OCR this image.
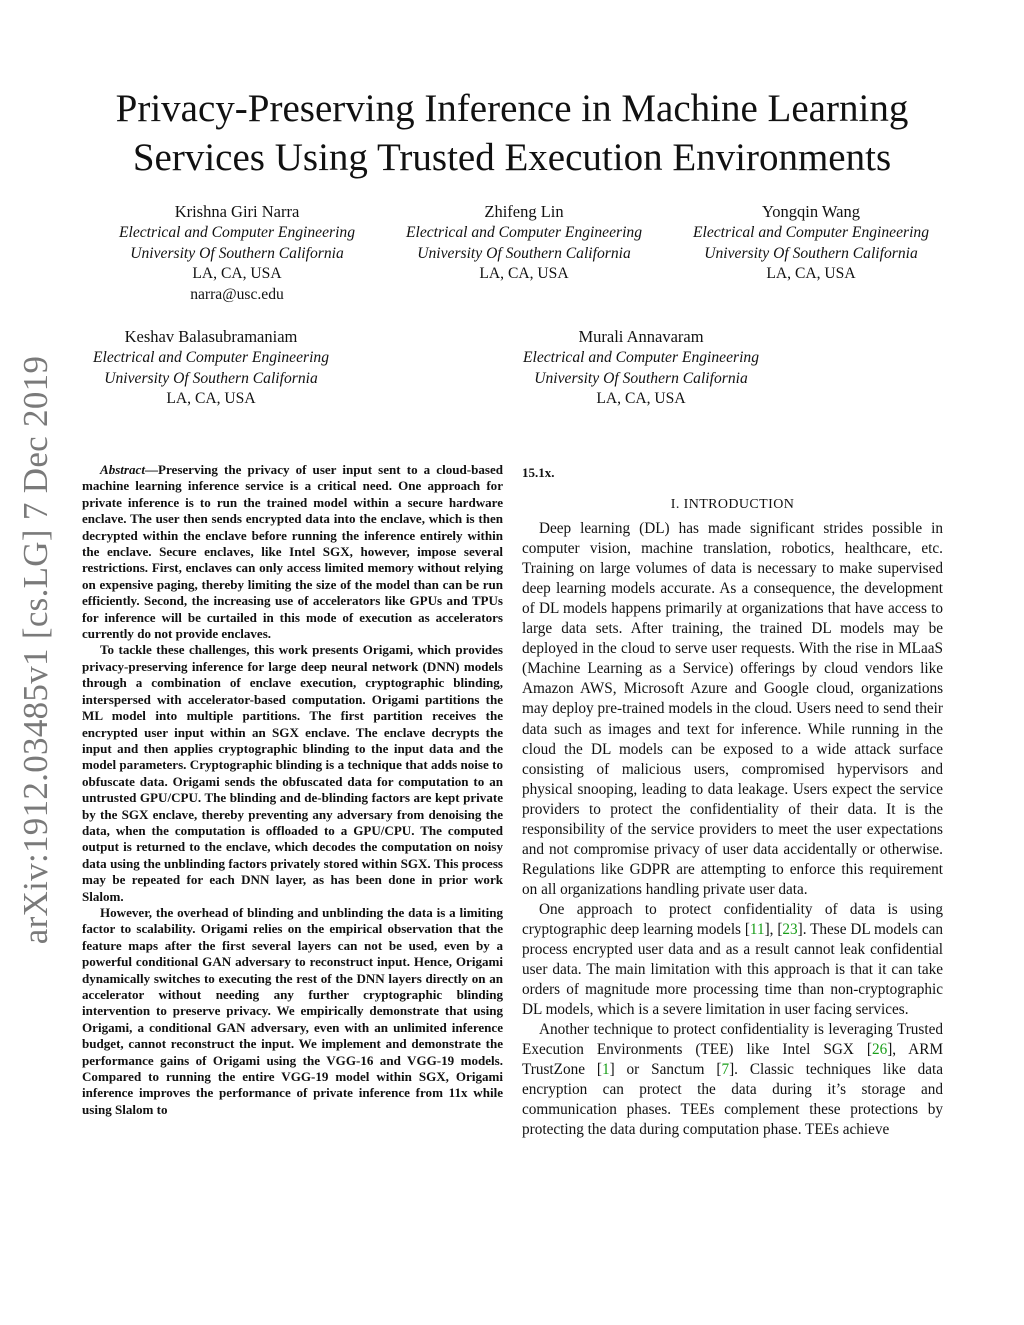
arXiv:1912.03485v1 [cs.LG] 7 Dec 2019
Privacy-Preserving Inference in Machine Learning Services Using Trusted Execution Environments
Krishna Giri Narra
Electrical and Computer Engineering
University Of Southern California
LA, CA, USA
narra@usc.edu
Zhifeng Lin
Electrical and Computer Engineering
University Of Southern California
LA, CA, USA
Yongqin Wang
Electrical and Computer Engineering
University Of Southern California
LA, CA, USA
Keshav Balasubramaniam
Electrical and Computer Engineering
University Of Southern California
LA, CA, USA
Murali Annavaram
Electrical and Computer Engineering
University Of Southern California
LA, CA, USA

Abstract—Preserving the privacy of user input sent to a cloud-based machine learning inference service is a critical need. One approach for private inference is to run the trained model within a secure hardware enclave. The user then sends encrypted data into the enclave, which is then decrypted within the enclave before running the inference entirely within the enclave. Secure enclaves, like Intel SGX, however, impose several restrictions. First, enclaves can only access limited memory without relying on expensive paging, thereby limiting the size of the model than can be run efficiently. Second, the increasing use of accelerators like GPUs and TPUs for inference will be curtailed in this mode of execution as accelerators currently do not provide enclaves.

To tackle these challenges, this work presents Origami, which provides privacy-preserving inference for large deep neural network (DNN) models through a combination of enclave execution, cryptographic blinding, interspersed with accelerator-based computation. Origami partitions the ML model into multiple partitions. The first partition receives the encrypted user input within an SGX enclave. The enclave decrypts the input and then applies cryptographic blinding to the input data and the model parameters. Cryptographic blinding is a technique that adds noise to obfuscate data. Origami sends the obfuscated data for computation to an untrusted GPU/CPU. The blinding and de-blinding factors are kept private by the SGX enclave, thereby preventing any adversary from denoising the data, when the computation is offloaded to a GPU/CPU. The computed output is returned to the enclave, which decodes the computation on noisy data using the unblinding factors privately stored within SGX. This process may be repeated for each DNN layer, as has been done in prior work Slalom.

However, the overhead of blinding and unblinding the data is a limiting factor to scalability. Origami relies on the empirical observation that the feature maps after the first several layers can not be used, even by a powerful conditional GAN adversary to reconstruct input. Hence, Origami dynamically switches to executing the rest of the DNN layers directly on an accelerator without needing any further cryptographic blinding intervention to preserve privacy. We empirically demonstrate that using Origami, a conditional GAN adversary, even with an unlimited inference budget, cannot reconstruct the input. We implement and demonstrate the performance gains of Origami using the VGG-16 and VGG-19 models. Compared to running the entire VGG-19 model within SGX, Origami inference improves the performance of private inference from 11x while using Slalom to

15.1x.

I. INTRODUCTION

Deep learning (DL) has made significant strides possible in computer vision, machine translation, robotics, healthcare, etc. Training on large volumes of data is necessary to make supervised deep learning models accurate. As a consequence, the development of DL models happens primarily at organizations that have access to large data sets. After training, the trained DL models may be deployed in the cloud to serve user requests. With the rise in MLaaS (Machine Learning as a Service) offerings by cloud vendors like Amazon AWS, Microsoft Azure and Google cloud, organizations may deploy pre-trained models in the cloud. Users need to send their data such as images and text for inference. While running in the cloud the DL models can be exposed to a wide attack surface consisting of malicious users, compromised hypervisors and physical snooping, leading to data leakage. Users expect the service providers to protect the confidentiality of their data. It is the responsibility of the service providers to meet the user expectations and not compromise privacy of user data accidentally or otherwise. Regulations like GDPR are attempting to enforce this requirement on all organizations handling private user data.

One approach to protect confidentiality of data is using cryptographic deep learning models [11], [23]. These DL models can process encrypted user data and as a result cannot leak confidential user data. The main limitation with this approach is that it can take orders of magnitude more processing time than non-cryptographic DL models, which is a severe limitation in user facing services.

Another technique to protect confidentiality is leveraging Trusted Execution Environments (TEE) like Intel SGX [26], ARM TrustZone [1] or Sanctum [7]. Classic techniques like data encryption can protect the data during it’s storage and communication phases. TEEs complement these protections by protecting the data during computation phase. TEEs achieve
